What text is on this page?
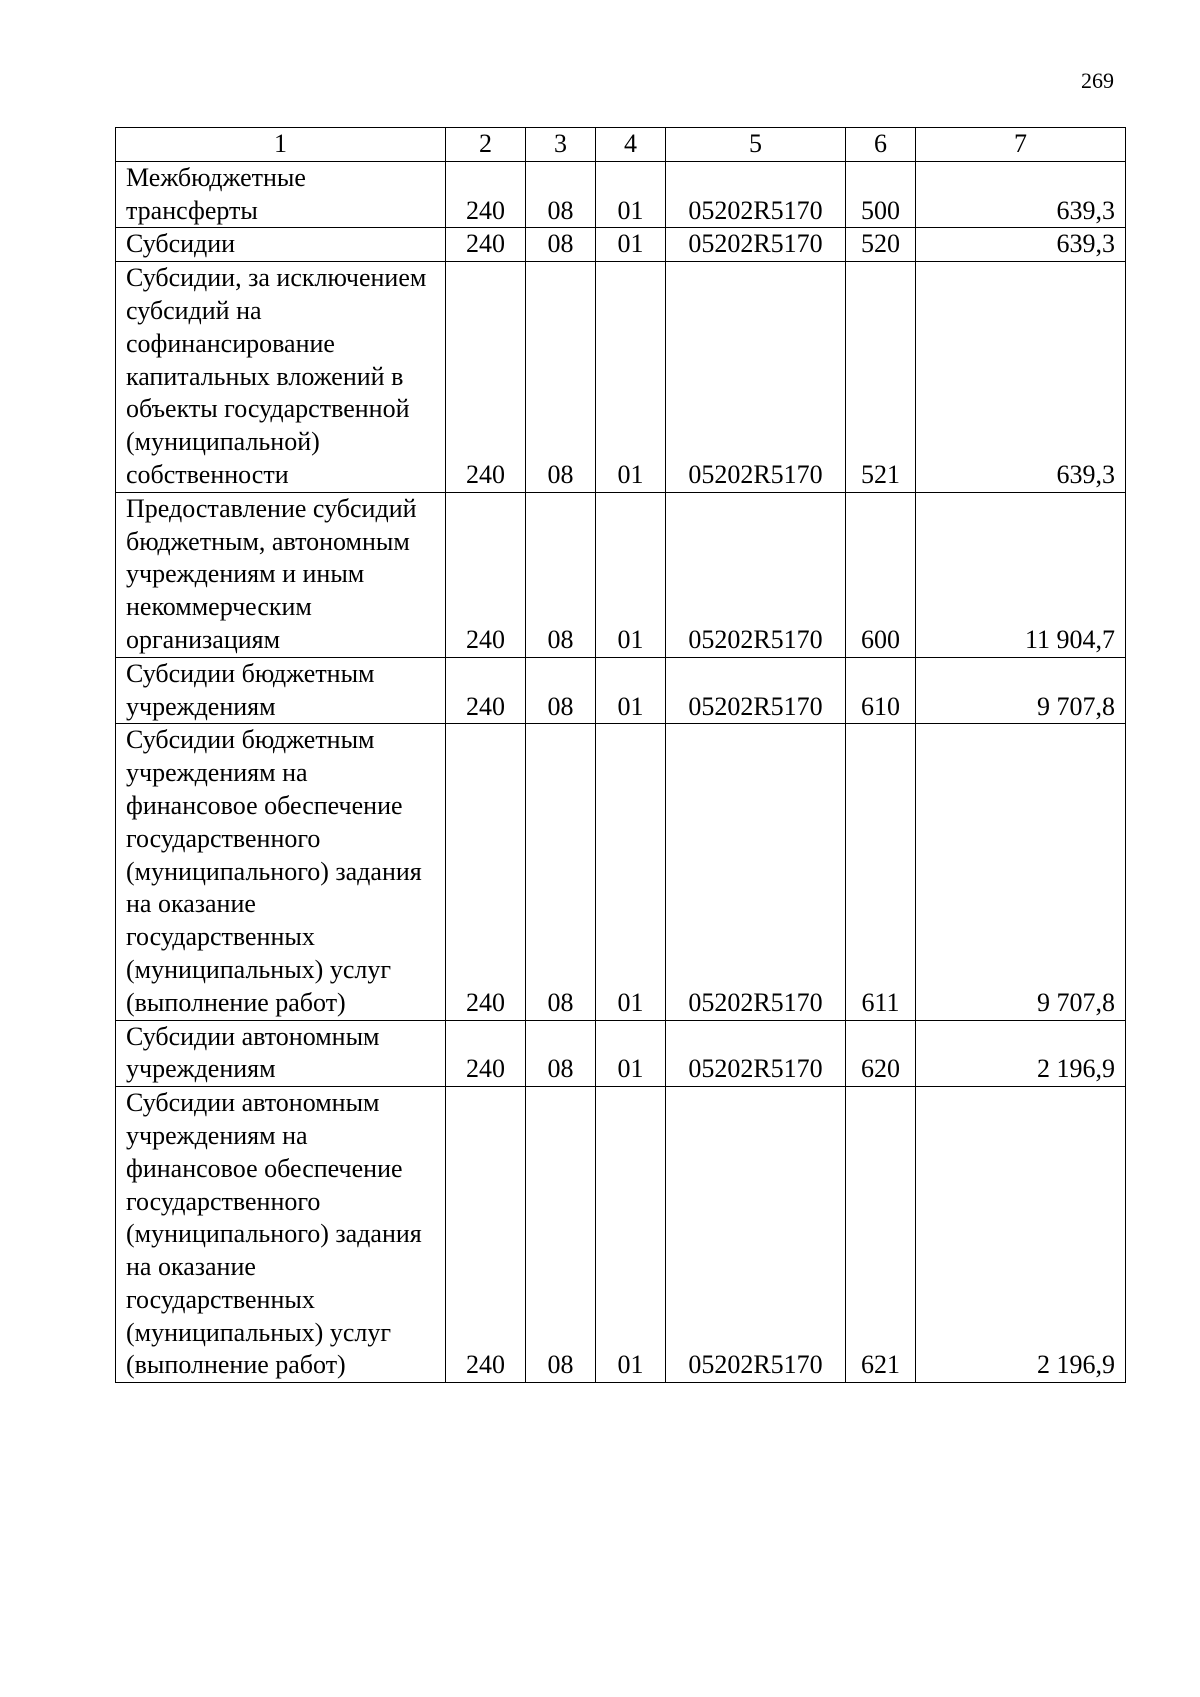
269
1	2	3	4	5	6	7
Межбюджетные трансферты	240	08	01	05202R5170	500	639,3
Субсидии	240	08	01	05202R5170	520	639,3
Субсидии, за исключением субсидий на софинансирование капитальных вложений в объекты государственной (муниципальной) собственности	240	08	01	05202R5170	521	639,3
Предоставление субсидий бюджетным, автономным учреждениям и иным некоммерческим организациям	240	08	01	05202R5170	600	11 904,7
Субсидии бюджетным учреждениям	240	08	01	05202R5170	610	9 707,8
Субсидии бюджетным учреждениям на финансовое обеспечение государственного (муниципального) задания на оказание государственных (муниципальных) услуг (выполнение работ)	240	08	01	05202R5170	611	9 707,8
Субсидии автономным учреждениям	240	08	01	05202R5170	620	2 196,9
Субсидии автономным учреждениям на финансовое обеспечение государственного (муниципального) задания на оказание государственных (муниципальных) услуг (выполнение работ)	240	08	01	05202R5170	621	2 196,9
